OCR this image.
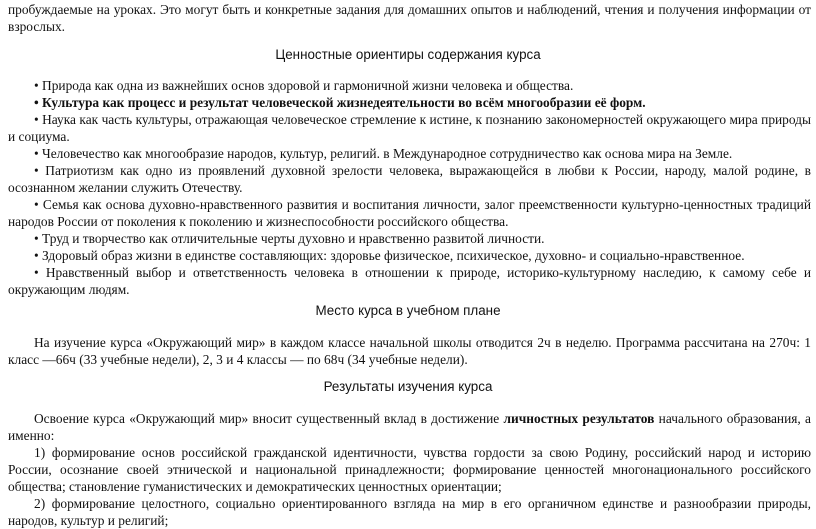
пробуждаемые на уроках. Это могут быть и конкретные задания для домашних опытов и наблюдений, чтения и получения информации от взрослых.

Ценностные ориентиры содержания курса

• Природа как одна из важнейших основ здоровой и гармоничной жизни человека и общества.

• Культура как процесс и результат человеческой жизнедеятельности во всём многообразии её форм.

• Наука как часть культуры, отражающая человеческое стремление к истине, к познанию закономерностей окружающего мира природы и социума.

• Человечество как многообразие народов, культур, религий. в Международное сотрудничество как основа мира на Земле.

• Патриотизм как одно из проявлений духовной зрелости человека, выражающейся в любви к России, народу, малой родине, в осознанном желании служить Отечеству.

• Семья как основа духовно-нравственного развития и воспитания личности, залог преемственности культурно-ценностных традиций народов России от поколения к поколению и жизнеспособности российского общества.

• Труд и творчество как отличительные черты духовно и нравственно развитой личности.

• Здоровый образ жизни в единстве составляющих: здоровье физическое, психическое, духовно- и социально-нравственное.

• Нравственный выбор и ответственность человека в отношении к природе, историко-культурному наследию, к самому себе и окружающим людям.

Место курса в учебном плане

На изучение курса «Окружающий мир» в каждом классе начальной школы отводится 2ч в неделю. Программа рассчитана на 270ч: 1 класс —66ч (33 учебные недели), 2, 3 и 4 классы — по 68ч (34 учебные недели).

Результаты изучения курса

Освоение курса «Окружающий мир» вносит существенный вклад в достижение личностных результатов начального образования, а именно:

1) формирование основ российской гражданской идентичности, чувства гордости за свою Родину, российский народ и историю России, осознание своей этнической и национальной принадлежности; формирование ценностей многонационального российского общества; становление гуманистических и демократических ценностных ориентации;

2) формирование целостного, социально ориентированного взгляда на мир в его органичном единстве и разнообразии природы, народов, культур и религий;
